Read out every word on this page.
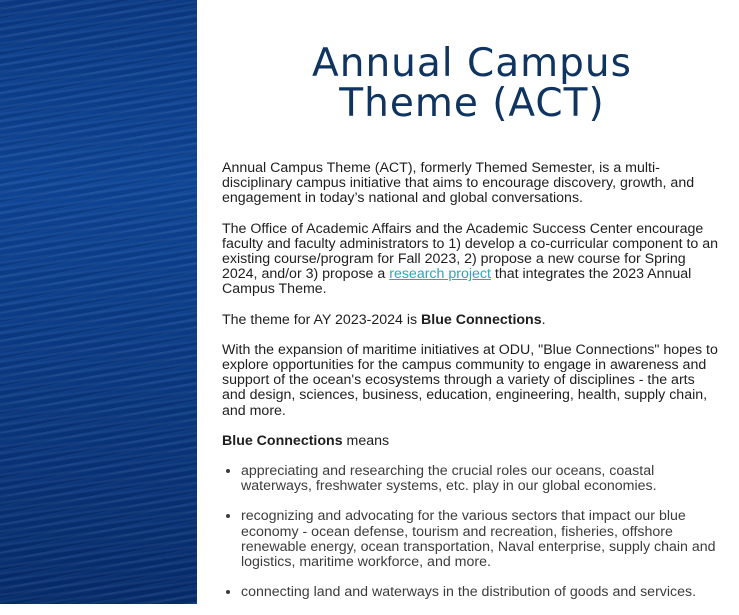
Annual Campus
Theme (ACT)

Annual Campus Theme (ACT), formerly Themed Semester, is a multi-disciplinary campus initiative that aims to encourage discovery, growth, and engagement in today’s national and global conversations.

The Office of Academic Affairs and the Academic Success Center encourage faculty and faculty administrators to 1) develop a co-curricular component to an existing course/program for Fall 2023, 2) propose a new course for Spring 2024, and/or 3) propose a research project that integrates the 2023 Annual Campus Theme.

The theme for AY 2023-2024 is Blue Connections.

With the expansion of maritime initiatives at ODU, "Blue Connections" hopes to explore opportunities for the campus community to engage in awareness and support of the ocean's ecosystems through a variety of disciplines - the arts and design, sciences, business, education, engineering, health, supply chain, and more.

Blue Connections means

• appreciating and researching the crucial roles our oceans, coastal waterways, freshwater systems, etc. play in our global economies.
• recognizing and advocating for the various sectors that impact our blue economy - ocean defense, tourism and recreation, fisheries, offshore renewable energy, ocean transportation, Naval enterprise, supply chain and logistics, maritime workforce, and more.
• connecting land and waterways in the distribution of goods and services.
